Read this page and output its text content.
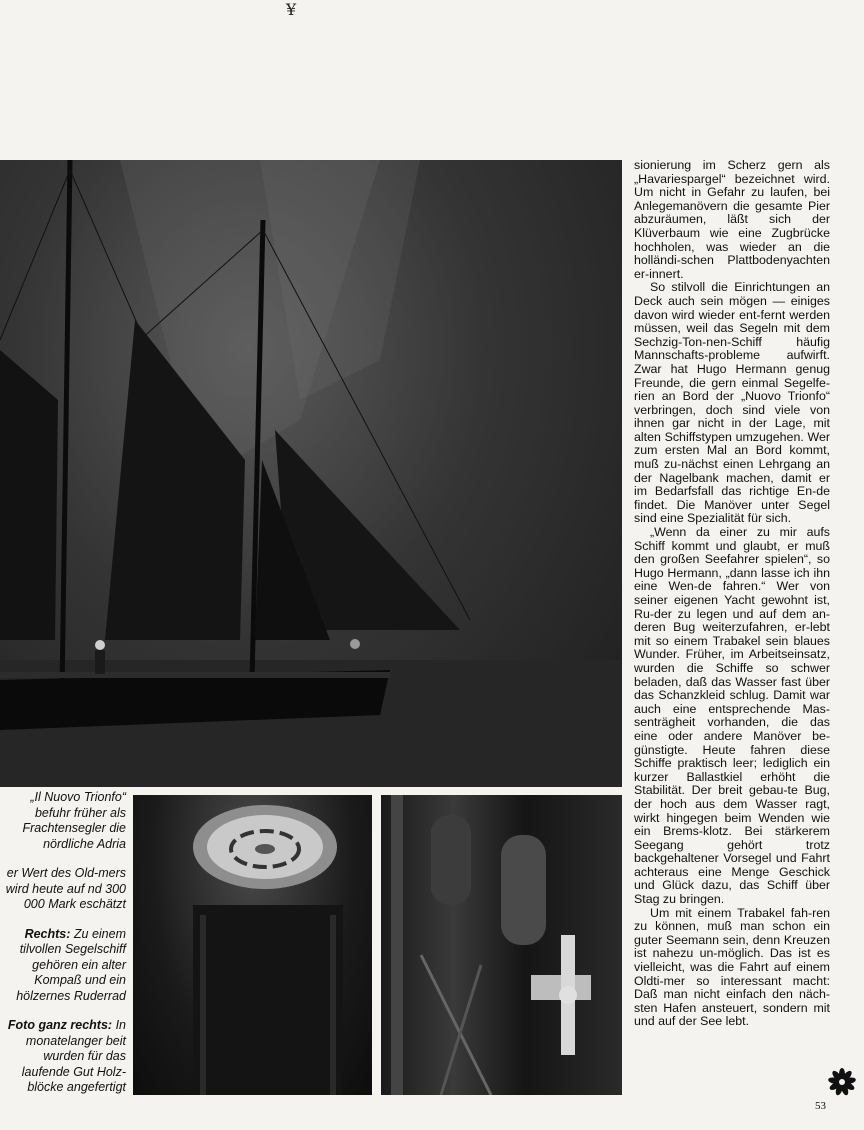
¥

„Il Nuovo Trionfo“ befuhr früher als Frachtensegler die nördliche Adria

er Wert des Old-mers wird heute auf nd 300 000 Mark eschätzt

Rechts: Zu einem tilvollen Segelschiff gehören ein alter Kompaß und ein hölzernes Ruderrad

Foto ganz rechts: In monatelanger beit wurden für das laufende Gut Holz-blöcke angefertigt

sionierung im Scherz gern als „Havariespargel“ bezeichnet wird. Um nicht in Gefahr zu laufen, bei Anlegemanövern die gesamte Pier abzuräumen, läßt sich der Klüverbaum wie eine Zugbrücke hochholen, was wieder an die holländi-schen Plattbodenyachten er-innert.

So stilvoll die Einrichtungen an Deck auch sein mögen — einiges davon wird wieder ent-fernt werden müssen, weil das Segeln mit dem Sechzig-Ton-nen-Schiff häufig Mannschafts-probleme aufwirft. Zwar hat Hugo Hermann genug Freunde, die gern einmal Segelfe-rien an Bord der „Nuovo Trionfo“ verbringen, doch sind viele von ihnen gar nicht in der Lage, mit alten Schiffstypen umzugehen. Wer zum ersten Mal an Bord kommt, muß zu-nächst einen Lehrgang an der Nagelbank machen, damit er im Bedarfsfall das richtige En-de findet. Die Manöver unter Segel sind eine Spezialität für sich.

„Wenn da einer zu mir aufs Schiff kommt und glaubt, er muß den großen Seefahrer spielen“, so Hugo Hermann, „dann lasse ich ihn eine Wen-de fahren.“ Wer von seiner eigenen Yacht gewohnt ist, Ru-der zu legen und auf dem an-deren Bug weiterzufahren, er-lebt mit so einem Trabakel sein blaues Wunder. Früher, im Arbeitseinsatz, wurden die Schiffe so schwer beladen, daß das Wasser fast über das Schanzkleid schlug. Damit war auch eine entsprechende Mas-senträgheit vorhanden, die das eine oder andere Manöver be-günstigte. Heute fahren diese Schiffe praktisch leer; lediglich ein kurzer Ballastkiel erhöht die Stabilität. Der breit gebau-te Bug, der hoch aus dem Wasser ragt, wirkt hingegen beim Wenden wie ein Brems-klotz. Bei stärkerem Seegang gehört trotz backgehaltener Vorsegel und Fahrt achteraus eine Menge Geschick und Glück dazu, das Schiff über Stag zu bringen.

Um mit einem Trabakel fah-ren zu können, muß man schon ein guter Seemann sein, denn Kreuzen ist nahezu un-möglich. Das ist es vielleicht, was die Fahrt auf einem Oldti-mer so interessant macht: Daß man nicht einfach den näch-sten Hafen ansteuert, sondern mit und auf der See lebt.

53
